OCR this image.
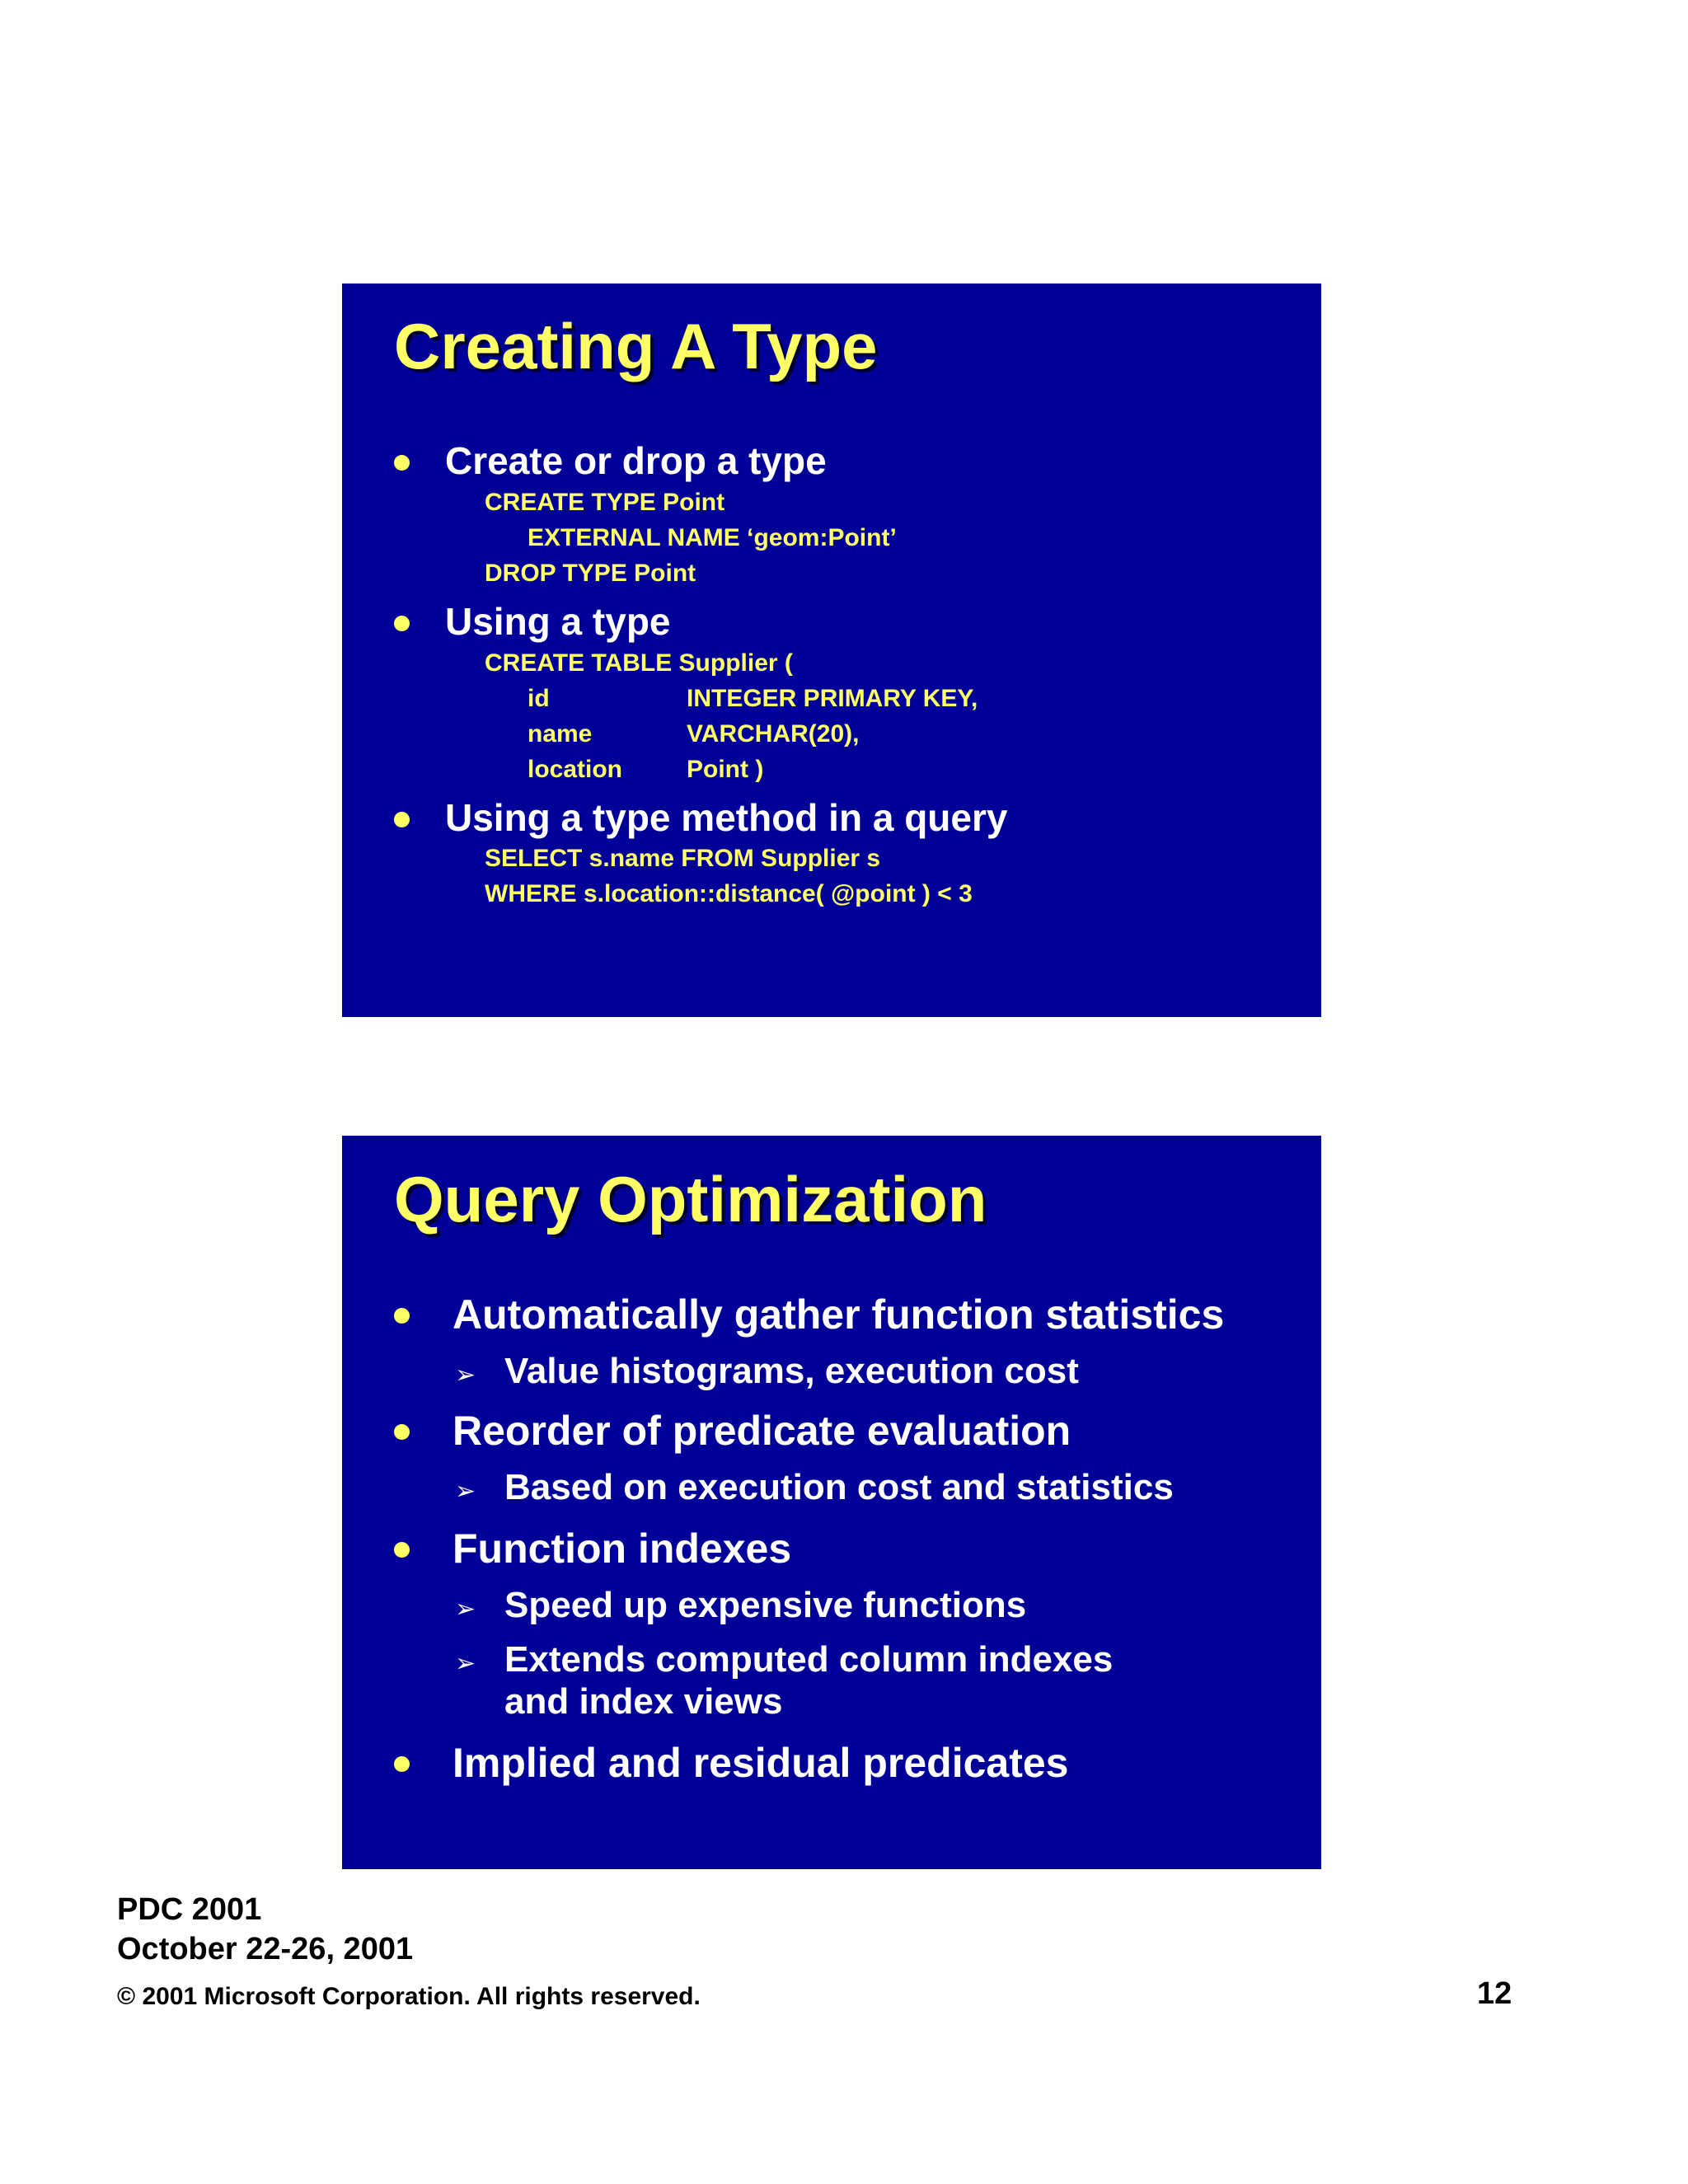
Creating A Type
Create or drop a type
CREATE TYPE Point
EXTERNAL NAME ‘geom:Point’
DROP TYPE Point
Using a type
CREATE TABLE Supplier (
id	INTEGER PRIMARY KEY,
name	VARCHAR(20),
location	Point )
Using a type method in a query
SELECT s.name FROM Supplier s
WHERE s.location::distance( @point ) < 3
Query Optimization
Automatically gather function statistics
➢ Value histograms, execution cost
Reorder of predicate evaluation
➢ Based on execution cost and statistics
Function indexes
➢ Speed up expensive functions
➢ Extends computed column indexes
and index views
Implied and residual predicates
PDC 2001
October 22-26, 2001
© 2001 Microsoft Corporation. All rights reserved.	12
